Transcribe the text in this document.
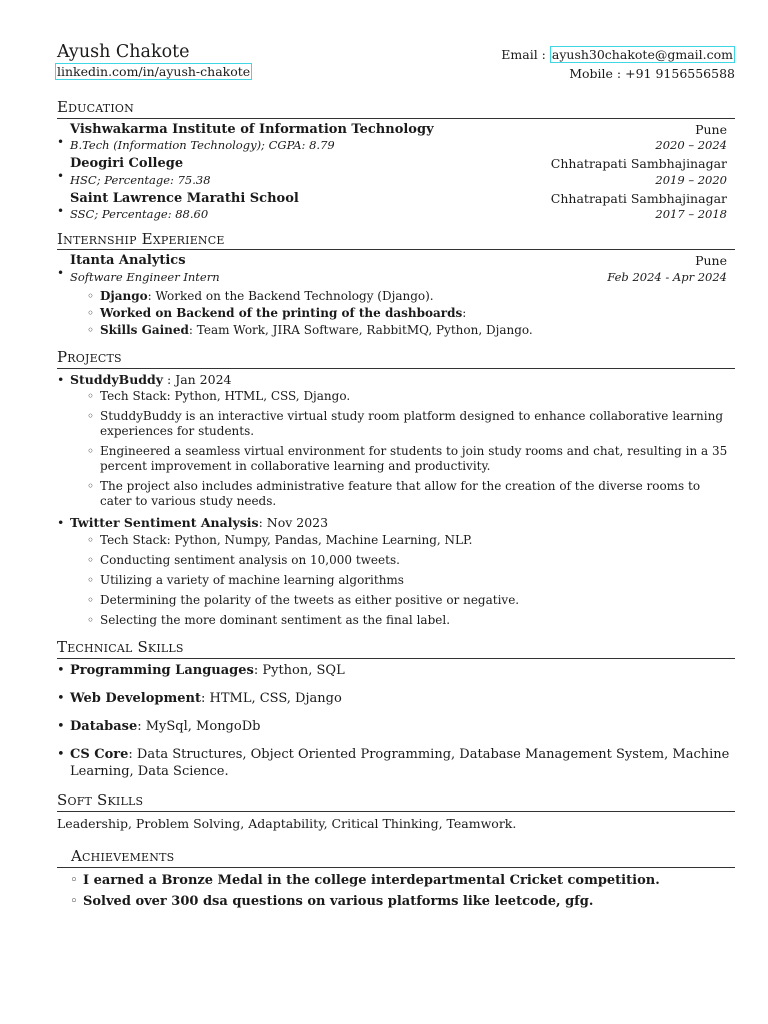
Ayush Chakote
linkedin.com/in/ayush-chakote
Email : ayush30chakote@gmail.com
Mobile : +91 9156556588
Education
•
Vishwakarma Institute of Information Technology	Pune
B.Tech (Information Technology); CGPA: 8.79	2020 – 2024
•
Deogiri College	Chhatrapati Sambhajinagar
HSC; Percentage: 75.38	2019 – 2020
•
Saint Lawrence Marathi School	Chhatrapati Sambhajinagar
SSC; Percentage: 88.60	2017 – 2018
Internship Experience
•
Itanta Analytics	Pune
Software Engineer Intern	Feb 2024 - Apr 2024
◦ Django: Worked on the Backend Technology (Django).
◦ Worked on Backend of the printing of the dashboards:
◦ Skills Gained: Team Work, JIRA Software, RabbitMQ, Python, Django.
Projects
• StuddyBuddy : Jan 2024
◦ Tech Stack: Python, HTML, CSS, Django.
◦ StuddyBuddy is an interactive virtual study room platform designed to enhance collaborative learning experiences for students.
◦ Engineered a seamless virtual environment for students to join study rooms and chat, resulting in a 35 percent improvement in collaborative learning and productivity.
◦ The project also includes administrative feature that allow for the creation of the diverse rooms to cater to various study needs.
• Twitter Sentiment Analysis: Nov 2023
◦ Tech Stack: Python, Numpy, Pandas, Machine Learning, NLP.
◦ Conducting sentiment analysis on 10,000 tweets.
◦ Utilizing a variety of machine learning algorithms
◦ Determining the polarity of the tweets as either positive or negative.
◦ Selecting the more dominant sentiment as the final label.
Technical Skills
• Programming Languages: Python, SQL
• Web Development: HTML, CSS, Django
• Database: MySql, MongoDb
• CS Core: Data Structures, Object Oriented Programming, Database Management System, Machine Learning, Data Science.
Soft Skills
Leadership, Problem Solving, Adaptability, Critical Thinking, Teamwork.
Achievements
◦ I earned a Bronze Medal in the college interdepartmental Cricket competition.
◦ Solved over 300 dsa questions on various platforms like leetcode, gfg.
